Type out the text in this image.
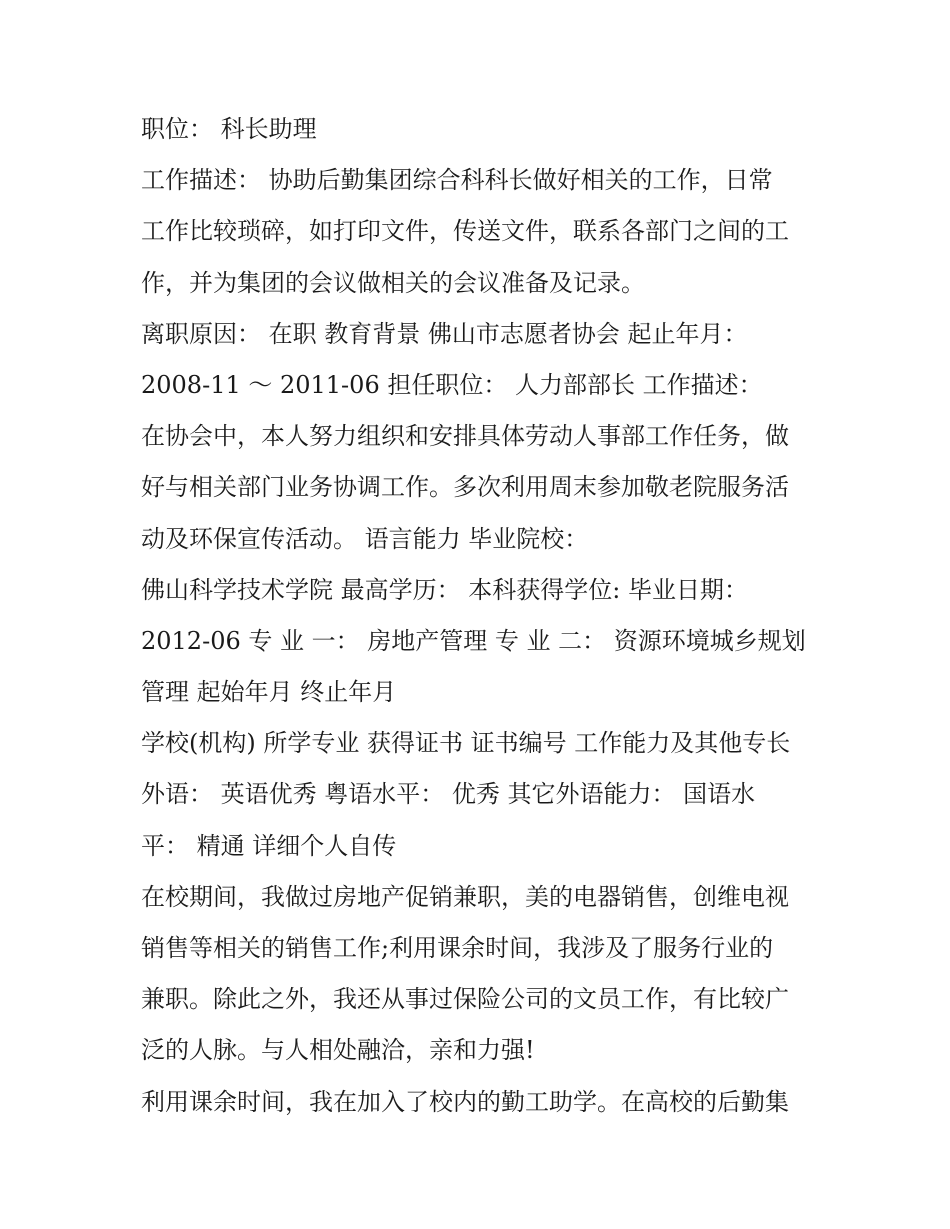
职位： 科长助理
工作描述： 协助后勤集团综合科科长做好相关的工作，日常
工作比较琐碎，如打印文件，传送文件，联系各部门之间的工
作，并为集团的会议做相关的会议准备及记录。
离职原因： 在职 教育背景 佛山市志愿者协会 起止年月：
2008-11 ～ 2011-06 担任职位： 人力部部长 工作描述：
在协会中，本人努力组织和安排具体劳动人事部工作任务，做
好与相关部门业务协调工作。多次利用周末参加敬老院服务活
动及环保宣传活动。 语言能力 毕业院校：
佛山科学技术学院 最高学历： 本科获得学位: 毕业日期：
2012-06 专 业 一： 房地产管理 专 业 二： 资源环境城乡规划
管理 起始年月 终止年月
学校(机构) 所学专业 获得证书 证书编号 工作能力及其他专长
外语： 英语优秀 粤语水平： 优秀 其它外语能力： 国语水
平： 精通 详细个人自传
在校期间，我做过房地产促销兼职，美的电器销售，创维电视
销售等相关的销售工作;利用课余时间，我涉及了服务行业的
兼职。除此之外，我还从事过保险公司的文员工作，有比较广
泛的人脉。与人相处融洽，亲和力强!
利用课余时间，我在加入了校内的勤工助学。在高校的后勤集
